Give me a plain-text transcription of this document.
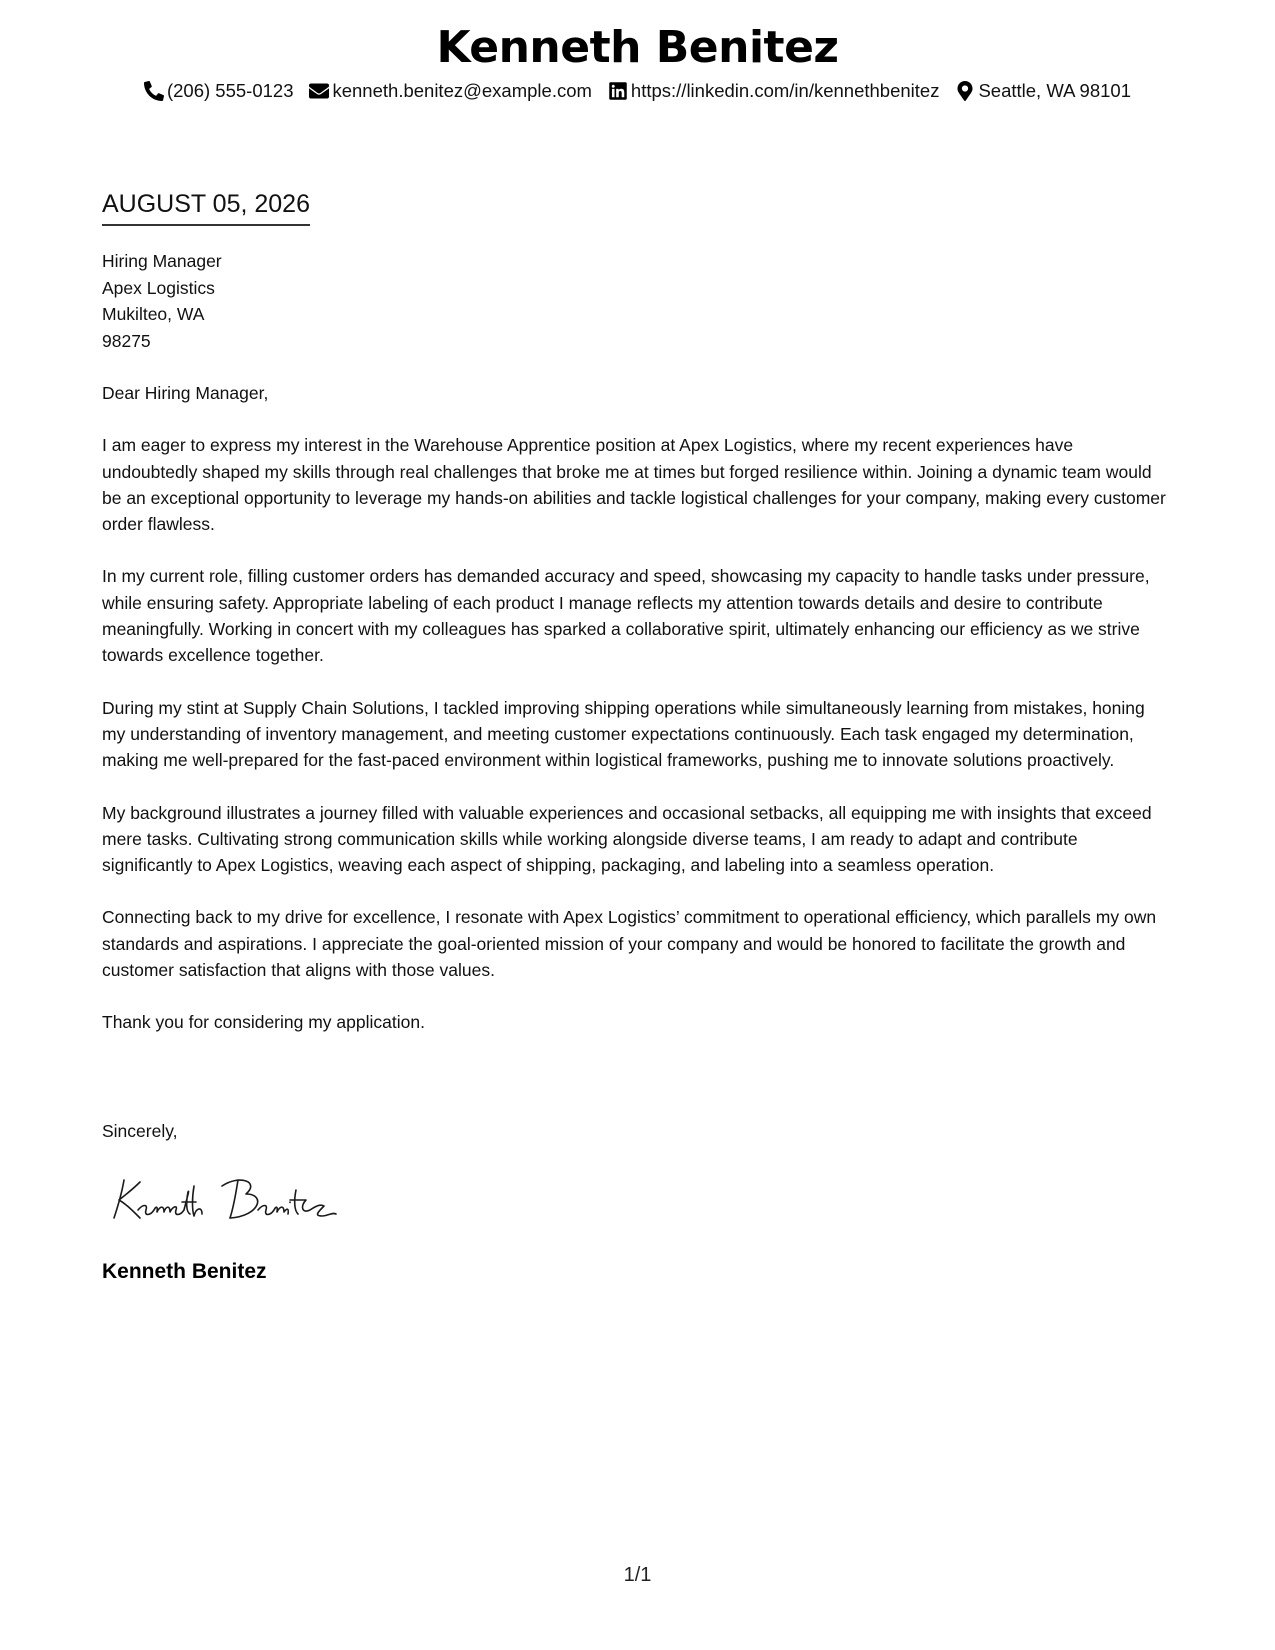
Kenneth Benitez
(206) 555-0123 kenneth.benitez@example.com https://linkedin.com/in/kennethbenitez Seattle, WA 98101
AUGUST 05, 2026
Hiring Manager
Apex Logistics
Mukilteo, WA
98275

Dear Hiring Manager,

I am eager to express my interest in the Warehouse Apprentice position at Apex Logistics, where my recent experiences have undoubtedly shaped my skills through real challenges that broke me at times but forged resilience within. Joining a dynamic team would be an exceptional opportunity to leverage my hands-on abilities and tackle logistical challenges for your company, making every customer order flawless.

In my current role, filling customer orders has demanded accuracy and speed, showcasing my capacity to handle tasks under pressure, while ensuring safety. Appropriate labeling of each product I manage reflects my attention towards details and desire to contribute meaningfully. Working in concert with my colleagues has sparked a collaborative spirit, ultimately enhancing our efficiency as we strive towards excellence together.

During my stint at Supply Chain Solutions, I tackled improving shipping operations while simultaneously learning from mistakes, honing my understanding of inventory management, and meeting customer expectations continuously. Each task engaged my determination, making me well-prepared for the fast-paced environment within logistical frameworks, pushing me to innovate solutions proactively.

My background illustrates a journey filled with valuable experiences and occasional setbacks, all equipping me with insights that exceed mere tasks. Cultivating strong communication skills while working alongside diverse teams, I am ready to adapt and contribute significantly to Apex Logistics, weaving each aspect of shipping, packaging, and labeling into a seamless operation.

Connecting back to my drive for excellence, I resonate with Apex Logistics’ commitment to operational efficiency, which parallels my own standards and aspirations. I appreciate the goal-oriented mission of your company and would be honored to facilitate the growth and customer satisfaction that aligns with those values.

Thank you for considering my application.

Sincerely,
Kenneth Benitez
1/1
